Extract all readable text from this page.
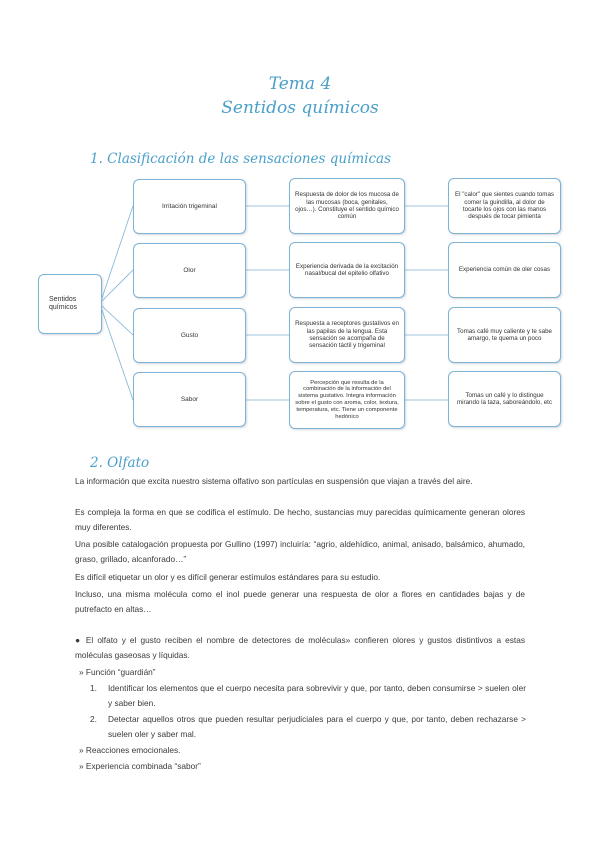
Tema 4
Sentidos químicos
1. Clasificación de las sensaciones químicas
Sentidos químicos
Irritación trigeminal
Respuesta de dolor de los mucosa de las mucosas (boca, genitales, ojos…). Constituye el sentido químico común
El "calor" que sientes cuando tomas comer la guindilla, al dolor de tocarte los ojos con las manos después de tocar pimienta
Olor
Experiencia derivada de la excitación nasal/bucal del epitelio olfativo
Experiencia común de oler cosas
Gusto
Respuesta a receptores gustativos en las papilas de la lengua. Esta sensación se acompaña de sensación táctil y trigeminal
Tomas café muy caliente y te sabe amargo, te quema un poco
Sabor
Percepción que resulta de la combinación de la información del sistema gustativo. Integra información sobre el gusto con aroma, color, textura, temperatura, etc. Tiene un componente hedónico
Tomas un café y lo distingue mirando la taza, saboreándolo, etc
2. Olfato
La información que excita nuestro sistema olfativo son partículas en suspensión que viajan a través del aire.
Es compleja la forma en que se codifica el estímulo. De hecho, sustancias muy parecidas químicamente generan olores muy diferentes.
Una posible catalogación propuesta por Gullino (1997) incluiría: “agrio, aldehídico, animal, anisado, balsámico, ahumado, graso, grillado, alcanforado…”
Es difícil etiquetar un olor y es difícil generar estímulos estándares para su estudio.
Incluso, una misma molécula como el inol puede generar una respuesta de olor a flores en cantidades bajas y de putrefacto en altas…
● El olfato y el gusto reciben el nombre de detectores de moléculas» confieren olores y gustos distintivos a estas moléculas gaseosas y líquidas.
» Función “guardián”
1.	Identificar los elementos que el cuerpo necesita para sobrevivir y que, por tanto, deben consumirse > suelen oler y saber bien.
2.	Detectar aquellos otros que pueden resultar perjudiciales para el cuerpo y que, por tanto, deben rechazarse > suelen oler y saber mal.
» Reacciones emocionales.
» Experiencia combinada “sabor”
